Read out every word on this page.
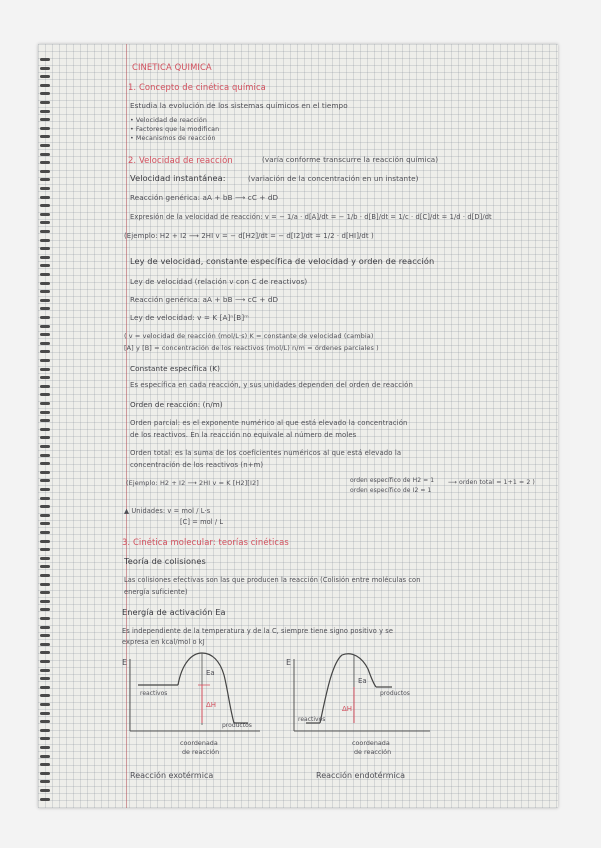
CINETICA QUIMICA
1. Concepto de cinética química
Estudia la evolución de los sistemas químicos en el tiempo
• Velocidad de reacción
• Factores que la modifican
• Mecanismos de reacción
2. Velocidad de reacción	(varía conforme transcurre la reacción química)
Velocidad instantánea:	(variación de la concentración en un instante)
Reacción genérica: aA + bB ⟶ cC + dD
Expresión de la velocidad de reacción: v = − 1/a · d[A]/dt = − 1/b · d[B]/dt = 1/c · d[C]/dt = 1/d · d[D]/dt
(Ejemplo: H2 + I2 ⟶ 2HI v = − d[H2]/dt = − d[I2]/dt = 1/2 · d[HI]/dt )
Ley de velocidad, constante específica de velocidad y orden de reacción
Ley de velocidad (relación v con C de reactivos)
Reacción genérica: aA + bB ⟶ cC + dD
Ley de velocidad: v = K [A]ⁿ[B]ᵐ
( v = velocidad de reacción (mol/L·s) K = constante de velocidad (cambia)
[A] y [B] = concentración de los reactivos (mol/L) n/m = órdenes parciales )
Constante específica (K)
Es específica en cada reacción, y sus unidades dependen del orden de reacción
Orden de reacción: (n/m)
Orden parcial: es el exponente numérico al que está elevado la concentración
de los reactivos. En la reacción no equivale al número de moles
Orden total: es la suma de los coeficientes numéricos al que está elevado la
concentración de los reactivos (n+m)
(Ejemplo: H2 + I2 ⟶ 2HI v = K [H2][I2]	orden específico de H2 = 1
orden específico de I2 = 1
⟶ orden total = 1+1 = 2 )
▲ Unidades: v = mol / L·s
[C] = mol / L
3. Cinética molecular: teorías cinéticas
Teoría de colisiones
Las colisiones efectivas son las que producen la reacción (Colisión entre moléculas con
energía suficiente)
Energía de activación Ea
Es independiente de la temperatura y de la C, siempre tiene signo positivo y se
expresa en kcal/mol o kJ
E
Ea
ΔH
reactivos
productos
coordenada
de reacción
Reacción exotérmica
E
Ea
ΔH
reactivos
productos
coordenada
de reacción
Reacción endotérmica
